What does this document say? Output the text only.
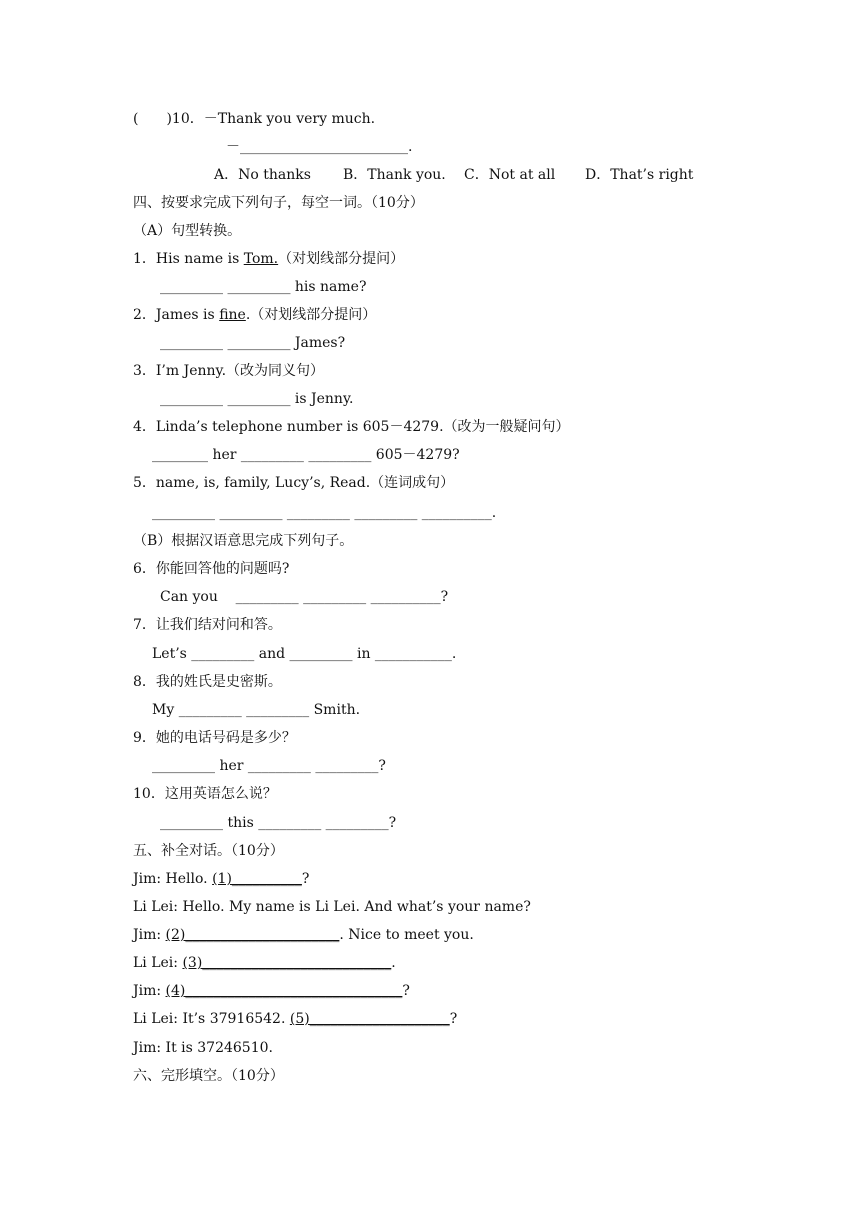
(　　)10．－Thank you very much.
－________________________.
A．No thanks B．Thank you. C．Not at all D．That’s right
四、按要求完成下列句子，每空一词。（10分）
（A）句型转换。
1．His name is Tom.（对划线部分提问）
_________ _________ his name?
2．James is fine.（对划线部分提问）
_________ _________ James?
3．I’m Jenny.（改为同义句）
_________ _________ is Jenny.
4．Linda’s telephone number is 605－4279.（改为一般疑问句）
________ her _________ _________ 605－4279?
5．name, is, family, Lucy’s, Read.（连词成句）
_________ _________ _________ _________ __________.
（B）根据汉语意思完成下列句子。
6．你能回答他的问题吗?
Can you    _________ _________ __________?
7．让我们结对问和答。
Let’s _________ and _________ in ___________.
8．我的姓氏是史密斯。
My _________ _________ Smith.
9．她的电话号码是多少？
_________ her _________ _________?
10．这用英语怎么说？
_________ this _________ _________?
五、补全对话。（10分）
Jim: Hello. (1)__________?
Li Lei: Hello. My name is Li Lei. And what’s your name?
Jim: (2)______________________. Nice to meet you.
Li Lei: (3)___________________________.
Jim: (4)_______________________________?
Li Lei: It’s 37916542. (5)____________________?
Jim: It is 37246510.
六、完形填空。（10分）
